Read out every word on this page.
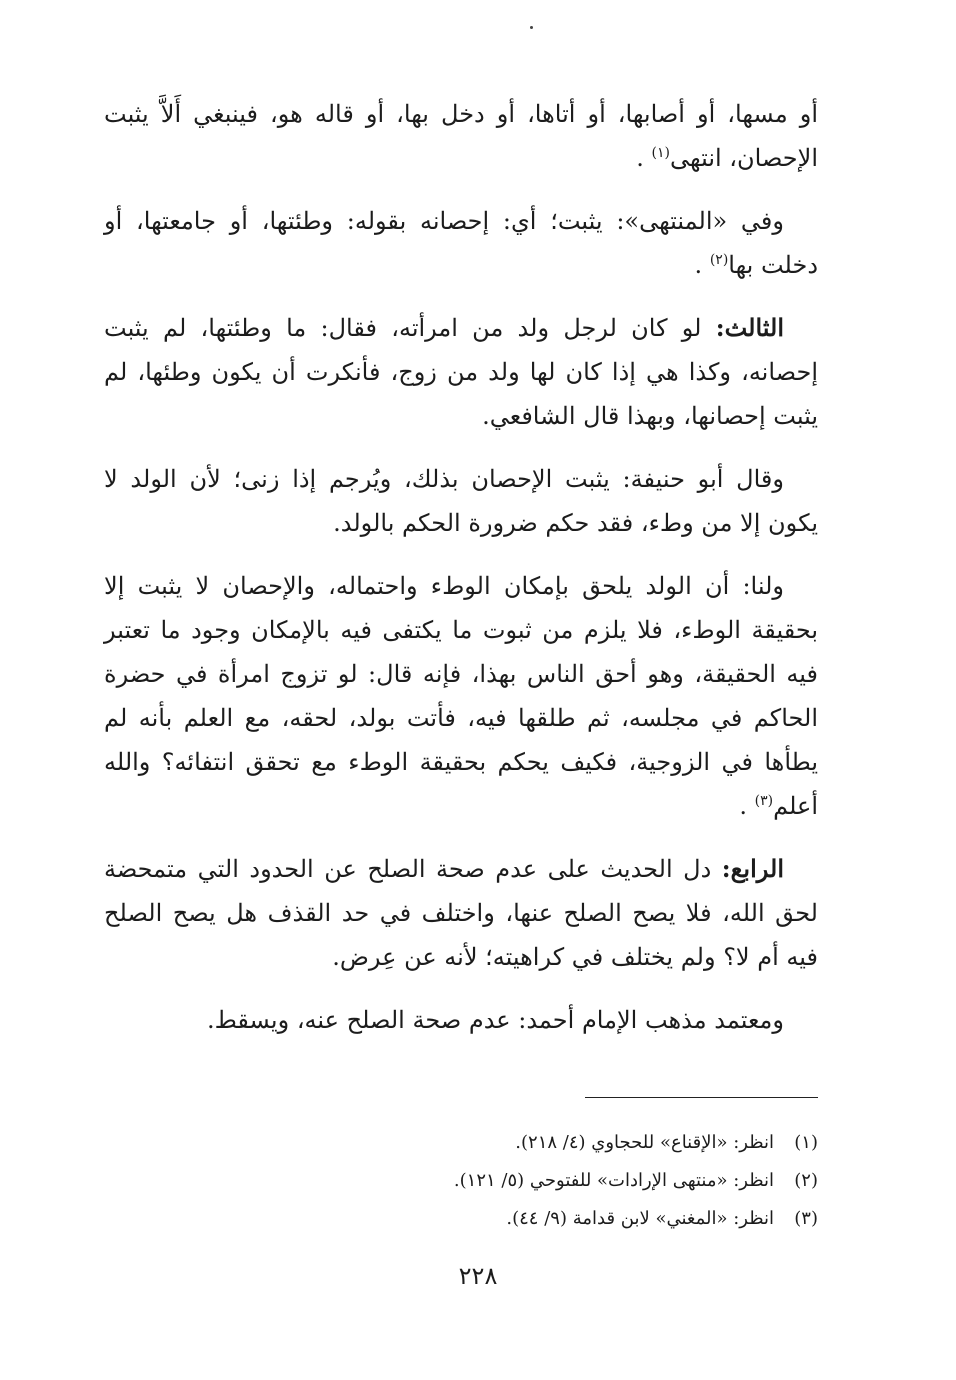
أو مسها، أو أصابها، أو أتاها، أو دخل بها، أو قاله هو، فينبغي أَلاَّ يثبت الإحصان، انتهى$^{(١)}$ .

وفي «المنتهى»: يثبت؛ أي: إحصانه بقوله: وطئتها، أو جامعتها، أو دخلت بها$^{(٢)}$ .

الثالث: لو كان لرجل ولد من امرأته، فقال: ما وطئتها، لم يثبت إحصانه، وكذا هي إذا كان لها ولد من زوج، فأنكرت أن يكون وطئها، لم يثبت إحصانها، وبهذا قال الشافعي.

وقال أبو حنيفة: يثبت الإحصان بذلك، ويُرجم إذا زنى؛ لأن الولد لا يكون إلا من وطء، فقد حكم ضرورة الحكم بالولد.

ولنا: أن الولد يلحق بإمكان الوطء واحتماله، والإحصان لا يثبت إلا بحقيقة الوطء، فلا يلزم من ثبوت ما يكتفى فيه بالإمكان وجود ما تعتبر فيه الحقيقة، وهو أحق الناس بهذا، فإنه قال: لو تزوج امرأة في حضرة الحاكم في مجلسه، ثم طلقها فيه، فأتت بولد، لحقه، مع العلم بأنه لم يطأها في الزوجية، فكيف يحكم بحقيقة الوطء مع تحقق انتفائه؟ والله أعلم$^{(٣)}$ .

الرابع: دل الحديث على عدم صحة الصلح عن الحدود التي متمحضة لحق الله، فلا يصح الصلح عنها، واختلف في حد القذف هل يصح الصلح فيه أم لا؟ ولم يختلف في كراهيته؛ لأنه عن عِرض.

ومعتمد مذهب الإمام أحمد: عدم صحة الصلح عنه، ويسقط.

(١)انظر: «الإقناع» للحجاوي (٤/ ٢١٨).
(٢)انظر: «منتهى الإرادات» للفتوحي (٥/ ١٢١).
(٣)انظر: «المغني» لابن قدامة (٩/ ٤٤).
٢٢٨
